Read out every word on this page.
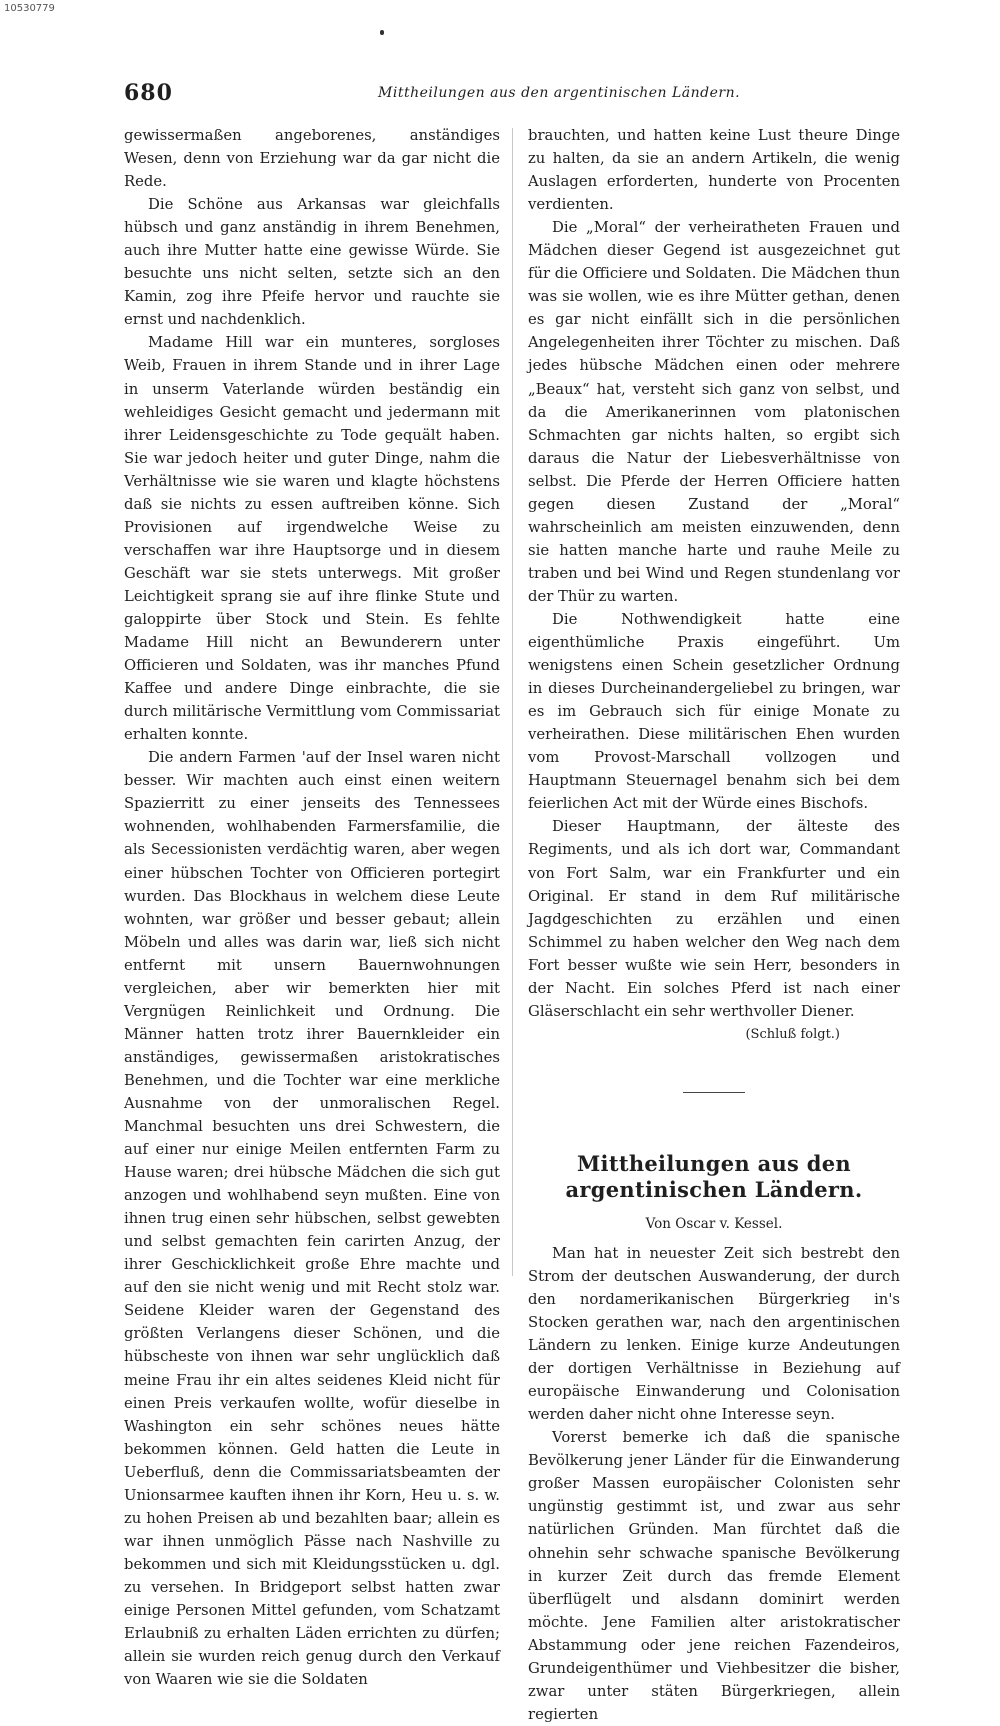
10530779
680	Mittheilungen aus den argentinischen Ländern.

gewissermaßen angeborenes, anständiges Wesen, denn von Erziehung war da gar nicht die Rede.

Die Schöne aus Arkansas war gleichfalls hübsch und ganz anständig in ihrem Benehmen, auch ihre Mutter hatte eine gewisse Würde. Sie besuchte uns nicht selten, setzte sich an den Kamin, zog ihre Pfeife hervor und rauchte sie ernst und nachdenklich.

Madame Hill war ein munteres, sorgloses Weib, Frauen in ihrem Stande und in ihrer Lage in unserm Vaterlande würden beständig ein wehleidiges Gesicht gemacht und jedermann mit ihrer Leidensgeschichte zu Tode gequält haben. Sie war jedoch heiter und guter Dinge, nahm die Verhältnisse wie sie waren und klagte höchstens daß sie nichts zu essen auftreiben könne. Sich Provisionen auf irgendwelche Weise zu verschaffen war ihre Hauptsorge und in diesem Geschäft war sie stets unterwegs. Mit großer Leichtigkeit sprang sie auf ihre flinke Stute und galoppirte über Stock und Stein. Es fehlte Madame Hill nicht an Bewunderern unter Officieren und Soldaten, was ihr manches Pfund Kaffee und andere Dinge einbrachte, die sie durch militärische Vermittlung vom Commissariat erhalten konnte.

Die andern Farmen 'auf der Insel waren nicht besser. Wir machten auch einst einen weitern Spazierritt zu einer jenseits des Tennessees wohnenden, wohlhabenden Farmersfamilie, die als Secessionisten verdächtig waren, aber wegen einer hübschen Tochter von Officieren portegirt wurden. Das Blockhaus in welchem diese Leute wohnten, war größer und besser gebaut; allein Möbeln und alles was darin war, ließ sich nicht entfernt mit unsern Bauernwohnungen vergleichen, aber wir bemerkten hier mit Vergnügen Reinlichkeit und Ordnung. Die Männer hatten trotz ihrer Bauernkleider ein anständiges, gewissermaßen aristokratisches Benehmen, und die Tochter war eine merkliche Ausnahme von der unmoralischen Regel. Manchmal besuchten uns drei Schwestern, die auf einer nur einige Meilen entfernten Farm zu Hause waren; drei hübsche Mädchen die sich gut anzogen und wohlhabend seyn mußten. Eine von ihnen trug einen sehr hübschen, selbst gewebten und selbst gemachten fein carirten Anzug, der ihrer Geschicklichkeit große Ehre machte und auf den sie nicht wenig und mit Recht stolz war. Seidene Kleider waren der Gegenstand des größten Verlangens dieser Schönen, und die hübscheste von ihnen war sehr unglücklich daß meine Frau ihr ein altes seidenes Kleid nicht für einen Preis verkaufen wollte, wofür dieselbe in Washington ein sehr schönes neues hätte bekommen können. Geld hatten die Leute in Ueberfluß, denn die Commissariatsbeamten der Unionsarmee kauften ihnen ihr Korn, Heu u. s. w. zu hohen Preisen ab und bezahlten baar; allein es war ihnen unmöglich Pässe nach Nashville zu bekommen und sich mit Kleidungsstücken u. dgl. zu versehen. In Bridgeport selbst hatten zwar einige Personen Mittel gefunden, vom Schatzamt Erlaubniß zu erhalten Läden errichten zu dürfen; allein sie wurden reich genug durch den Verkauf von Waaren wie sie die Soldaten

brauchten, und hatten keine Lust theure Dinge zu halten, da sie an andern Artikeln, die wenig Auslagen erforderten, hunderte von Procenten verdienten.

Die „Moral“ der verheiratheten Frauen und Mädchen dieser Gegend ist ausgezeichnet gut für die Officiere und Soldaten. Die Mädchen thun was sie wollen, wie es ihre Mütter gethan, denen es gar nicht einfällt sich in die persönlichen Angelegenheiten ihrer Töchter zu mischen. Daß jedes hübsche Mädchen einen oder mehrere „Beaux“ hat, versteht sich ganz von selbst, und da die Amerikanerinnen vom platonischen Schmachten gar nichts halten, so ergibt sich daraus die Natur der Liebesverhältnisse von selbst. Die Pferde der Herren Officiere hatten gegen diesen Zustand der „Moral“ wahrscheinlich am meisten einzuwenden, denn sie hatten manche harte und rauhe Meile zu traben und bei Wind und Regen stundenlang vor der Thür zu warten.

Die Nothwendigkeit hatte eine eigenthümliche Praxis eingeführt. Um wenigstens einen Schein gesetzlicher Ordnung in dieses Durcheinandergeliebel zu bringen, war es im Gebrauch sich für einige Monate zu verheirathen. Diese militärischen Ehen wurden vom Provost-Marschall vollzogen und Hauptmann Steuernagel benahm sich bei dem feierlichen Act mit der Würde eines Bischofs.

Dieser Hauptmann, der älteste des Regiments, und als ich dort war, Commandant von Fort Salm, war ein Frankfurter und ein Original. Er stand in dem Ruf militärische Jagdgeschichten zu erzählen und einen Schimmel zu haben welcher den Weg nach dem Fort besser wußte wie sein Herr, besonders in der Nacht. Ein solches Pferd ist nach einer Gläserschlacht ein sehr werthvoller Diener.

(Schluß folgt.)

Mittheilungen aus den argentinischen Ländern.
Von Oscar v. Kessel.

Man hat in neuester Zeit sich bestrebt den Strom der deutschen Auswanderung, der durch den nordamerikanischen Bürgerkrieg in's Stocken gerathen war, nach den argentinischen Ländern zu lenken. Einige kurze Andeutungen der dortigen Verhältnisse in Beziehung auf europäische Einwanderung und Colonisation werden daher nicht ohne Interesse seyn.

Vorerst bemerke ich daß die spanische Bevölkerung jener Länder für die Einwanderung großer Massen europäischer Colonisten sehr ungünstig gestimmt ist, und zwar aus sehr natürlichen Gründen. Man fürchtet daß die ohnehin sehr schwache spanische Bevölkerung in kurzer Zeit durch das fremde Element überflügelt und alsdann dominirt werden möchte. Jene Familien alter aristokratischer Abstammung oder jene reichen Fazendeiros, Grundeigenthümer und Viehbesitzer die bisher, zwar unter stäten Bürgerkriegen, allein regierten
